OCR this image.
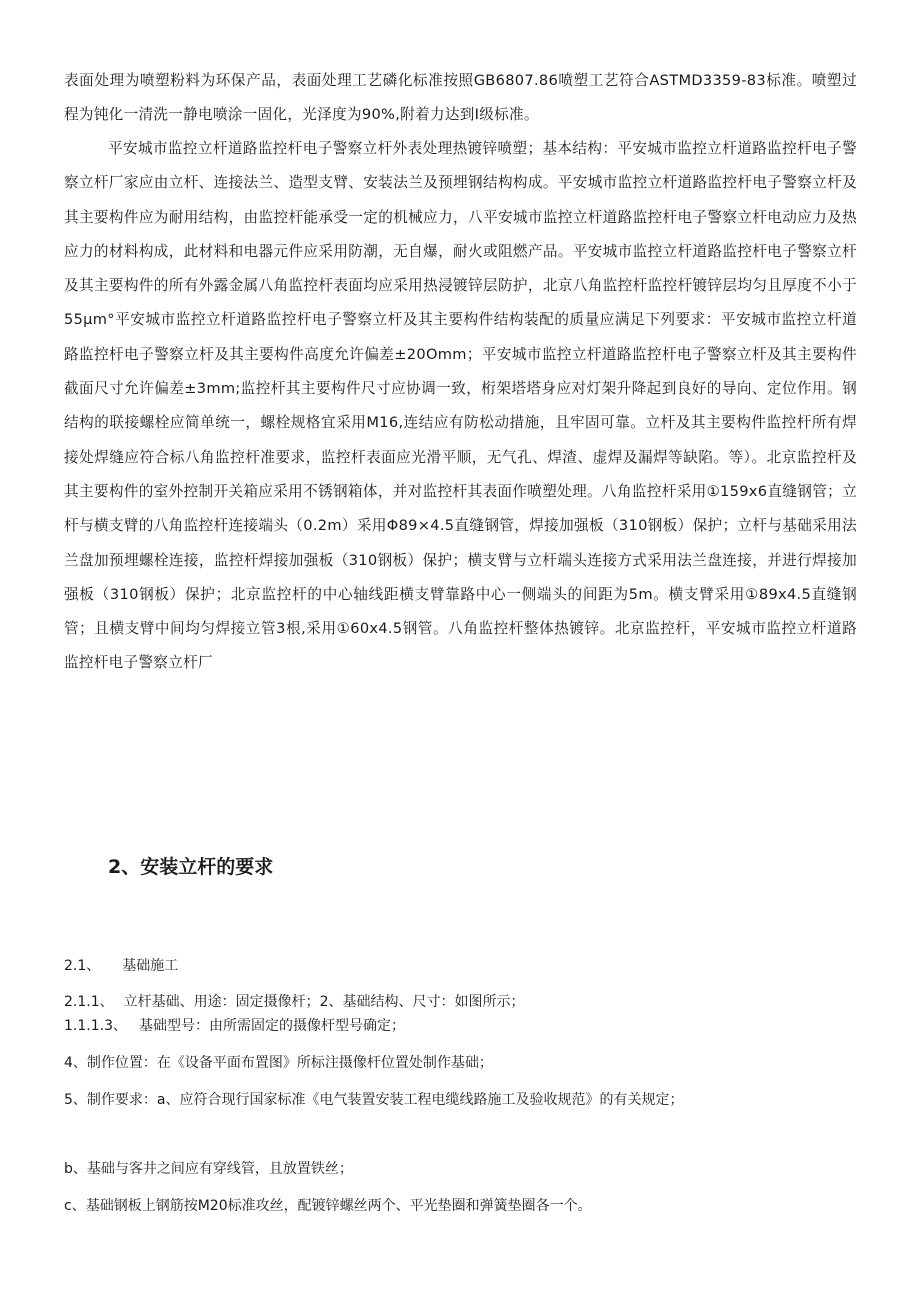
表面处理为喷塑粉料为环保产品，表面处理工艺磷化标准按照GB6807.86喷塑工艺符合ASTMD3359-83标准。喷塑过程为钝化一清洗一静电喷涂一固化，光泽度为90%,附着力达到I级标准。

平安城市监控立杆道路监控杆电子警察立杆外表处理热镀锌喷塑；基本结构：平安城市监控立杆道路监控杆电子警察立杆厂家应由立杆、连接法兰、造型支臂、安装法兰及预埋钢结构构成。平安城市监控立杆道路监控杆电子警察立杆及其主要构件应为耐用结构，由监控杆能承受一定的机械应力，八平安城市监控立杆道路监控杆电子警察立杆电动应力及热应力的材料构成，此材料和电器元件应采用防潮，无自爆，耐火或阻燃产品。平安城市监控立杆道路监控杆电子警察立杆及其主要构件的所有外露金属八角监控杆表面均应采用热浸镀锌层防护，北京八角监控杆监控杆镀锌层均匀且厚度不小于55μm°平安城市监控立杆道路监控杆电子警察立杆及其主要构件结构装配的质量应满足下列要求：平安城市监控立杆道路监控杆电子警察立杆及其主要构件高度允许偏差±20Omm；平安城市监控立杆道路监控杆电子警察立杆及其主要构件截面尺寸允许偏差±3mm;监控杆其主要构件尺寸应协调一致，桁架塔塔身应对灯架升降起到良好的导向、定位作用。钢结构的联接螺栓应简单统一，螺栓规格宜采用M16,连结应有防松动措施，且牢固可靠。立杆及其主要构件监控杆所有焊接处焊缝应符合标八角监控杆准要求，监控杆表面应光滑平顺，无气孔、焊渣、虚焊及漏焊等缺陷。等）。北京监控杆及其主要构件的室外控制开关箱应采用不锈钢箱体，并对监控杆其表面作喷塑处理。八角监控杆采用①159x6直缝钢管；立杆与横支臂的八角监控杆连接端头（0.2m）采用Φ89×4.5直缝钢管，焊接加强板（310钢板）保护；立杆与基础采用法兰盘加预埋螺栓连接，监控杆焊接加强板（310钢板）保护；横支臂与立杆端头连接方式采用法兰盘连接，并进行焊接加强板（310钢板）保护；北京监控杆的中心轴线距横支臂靠路中心一侧端头的间距为5m。横支臂采用①89x4.5直缝钢管；且横支臂中间均匀焊接立管3根,采用①60x4.5钢管。八角监控杆整体热镀锌。北京监控杆，平安城市监控立杆道路监控杆电子警察立杆厂

2、安装立杆的要求

2.1、 基础施工

2.1.1、 立杆基础、用途：固定摄像杆；2、基础结构、尺寸：如图所示；

1.1.1.3、 基础型号：由所需固定的摄像杆型号确定；

4、制作位置：在《设备平面布置图》所标注摄像杆位置处制作基础；

5、制作要求：a、应符合现行国家标准《电气装置安装工程电缆线路施工及验收规范》的有关规定；

b、基础与客井之间应有穿线管，且放置铁丝；

c、基础钢板上钢筋按M20标准攻丝，配镀锌螺丝两个、平光垫圈和弹簧垫圈各一个。
